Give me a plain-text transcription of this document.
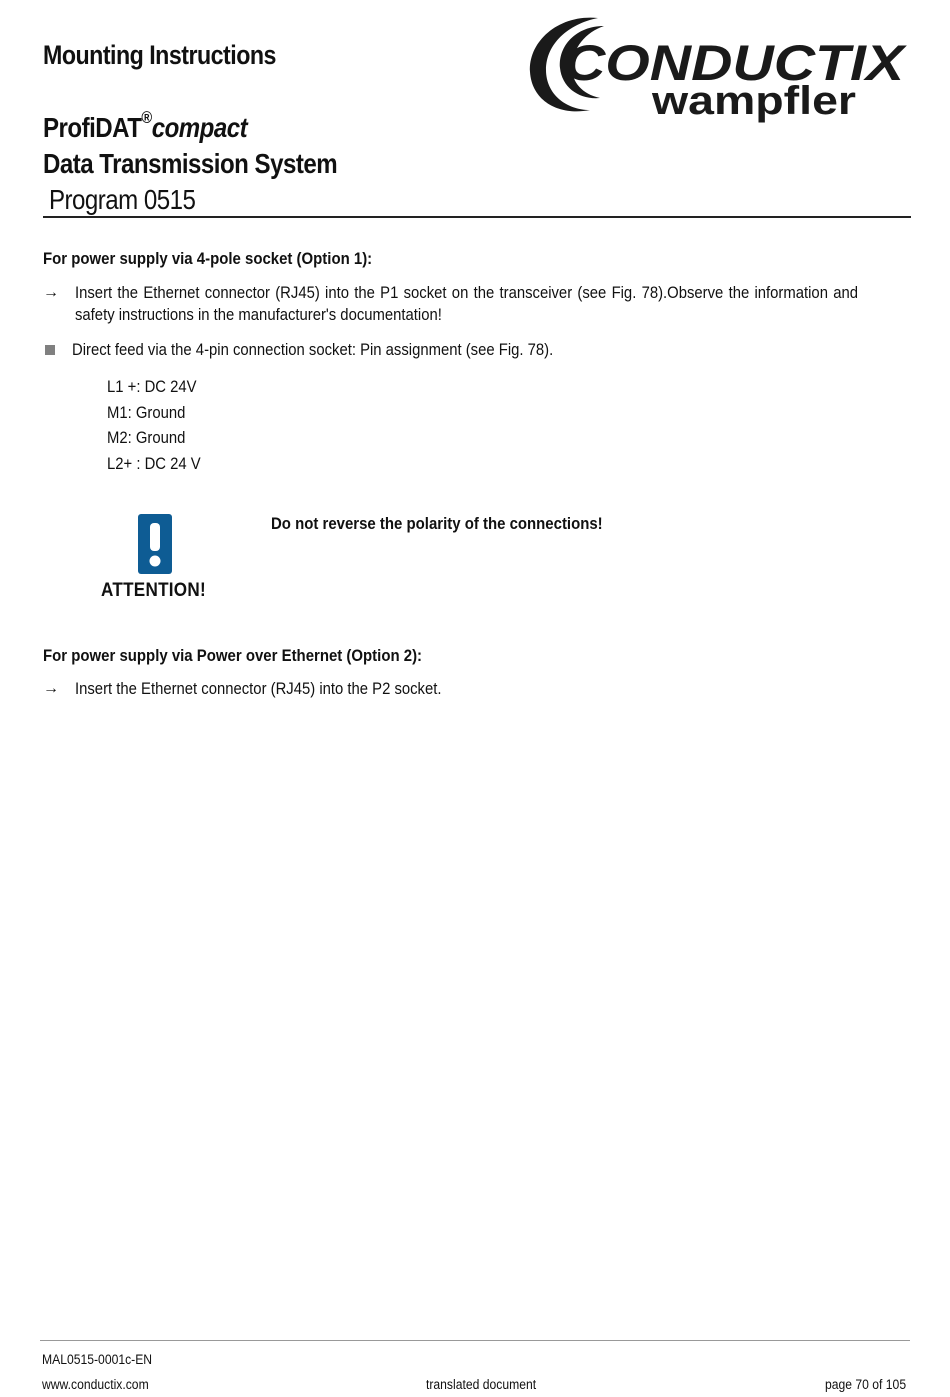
Mounting Instructions
ProfiDAT®compact
Data Transmission System
Program 0515
CONDUCTIX
wampfler
For power supply via 4-pole socket (Option 1):
→ Insert the Ethernet connector (RJ45) into the P1 socket on the transceiver (see Fig. 78).Observe the information and safety instructions in the manufacturer's documentation!
Direct feed via the 4-pin connection socket: Pin assignment (see Fig. 78).
L1 +: DC 24V
M1: Ground
M2: Ground
L2+ : DC 24 V
ATTENTION!
Do not reverse the polarity of the connections!
For power supply via Power over Ethernet (Option 2):
→ Insert the Ethernet connector (RJ45) into the P2 socket.
MAL0515-0001c-EN
www.conductix.com	translated document	page 70 of 105
